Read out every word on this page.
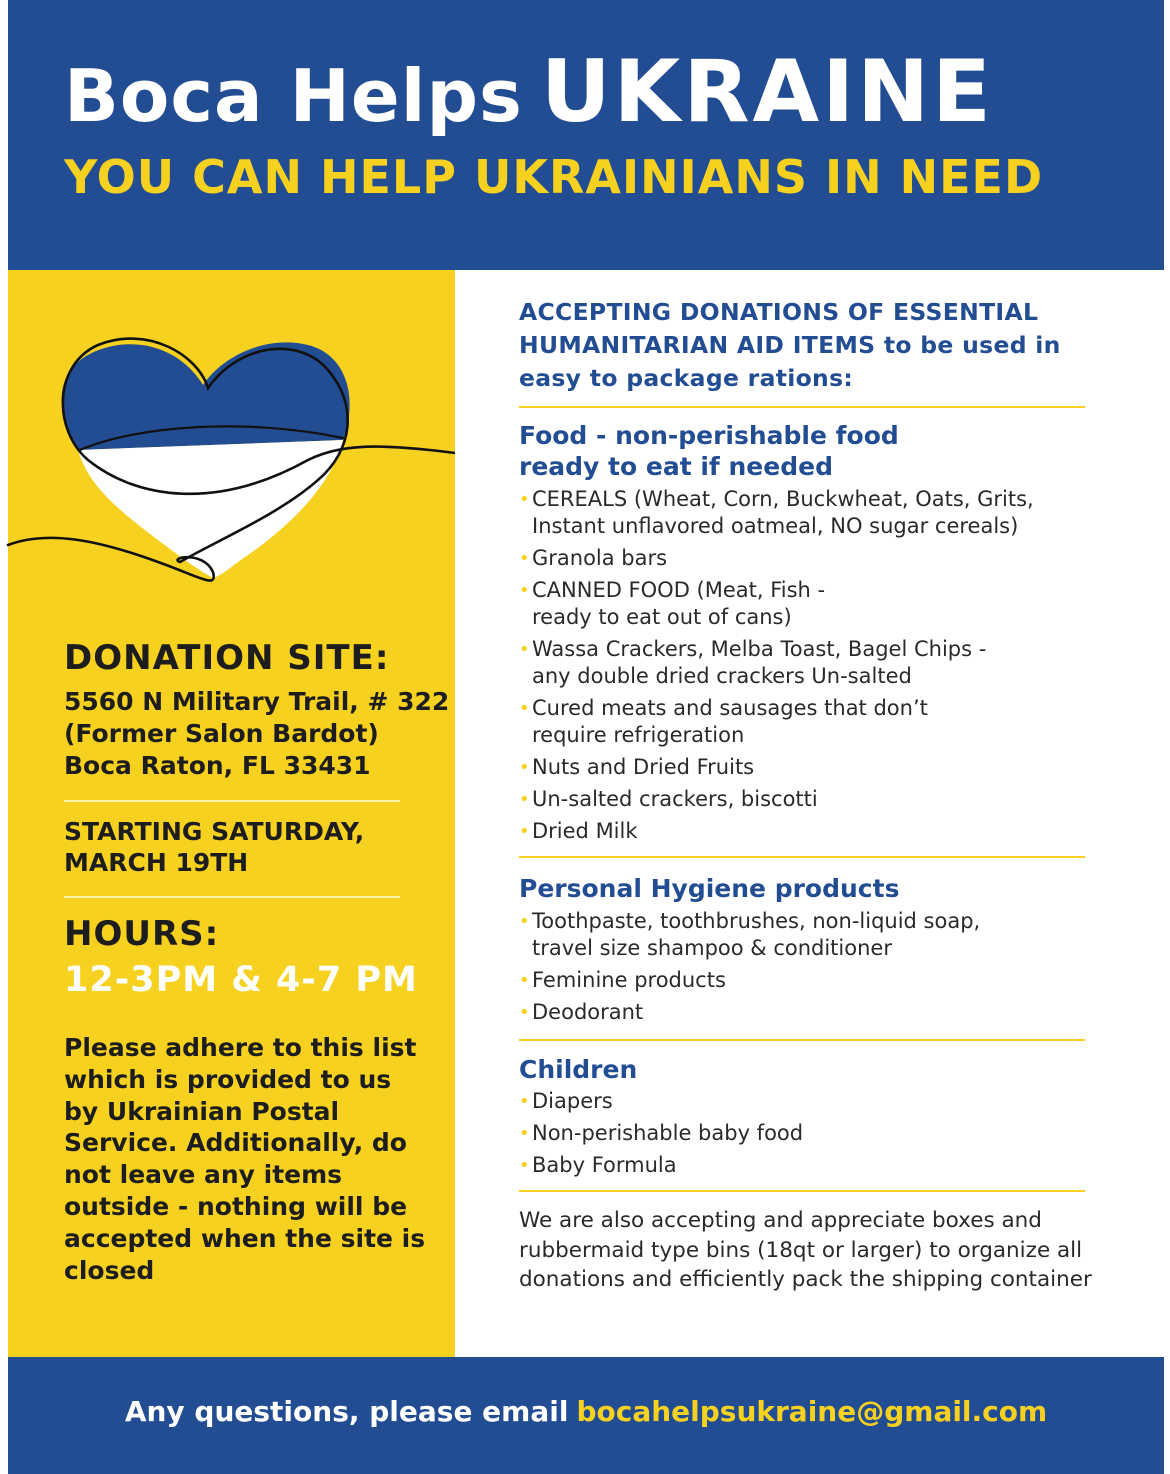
Boca Helps UKRAINE
YOU CAN HELP UKRAINIANS IN NEED
DONATION SITE:
5560 N Military Trail, # 322
(Former Salon Bardot)
Boca Raton, FL 33431
STARTING SATURDAY,
MARCH 19TH
HOURS:
12-3PM & 4-7 PM
Please adhere to this list which is provided to us by Ukrainian Postal Service. Additionally, do not leave any items outside - nothing will be accepted when the site is closed
ACCEPTING DONATIONS OF ESSENTIAL HUMANITARIAN AID ITEMS to be used in easy to package rations:
Food - non-perishable food
ready to eat if needed
• CEREALS (Wheat, Corn, Buckwheat, Oats, Grits,
Instant unflavored oatmeal, NO sugar cereals)
• Granola bars
• CANNED FOOD (Meat, Fish -
ready to eat out of cans)
• Wassa Crackers, Melba Toast, Bagel Chips -
any double dried crackers Un-salted
• Cured meats and sausages that don’t
require refrigeration
• Nuts and Dried Fruits
• Un-salted crackers, biscotti
• Dried Milk
Personal Hygiene products
• Toothpaste, toothbrushes, non-liquid soap,
travel size shampoo & conditioner
• Feminine products
• Deodorant
Children
• Diapers
• Non-perishable baby food
• Baby Formula
We are also accepting and appreciate boxes and rubbermaid type bins (18qt or larger) to organize all donations and efficiently pack the shipping container
Any questions, please email bocahelpsukraine@gmail.com
